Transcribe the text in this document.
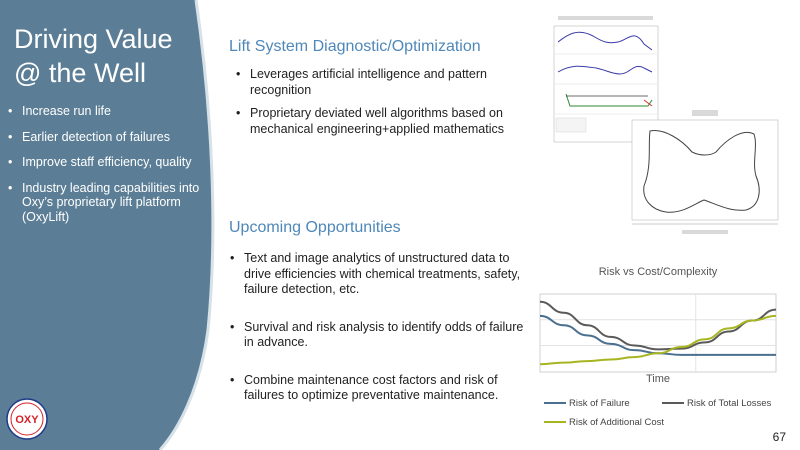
Driving Value
@ the Well
• Increase run life
• Earlier detection of failures
• Improve staff efficiency, quality
• Industry leading capabilities into Oxy’s proprietary lift platform (OxyLift)
OXY
Lift System Diagnostic/Optimization
• Leverages artificial intelligence and pattern recognition
• Proprietary deviated well algorithms based on mechanical engineering+applied mathematics
Upcoming Opportunities
• Text and image analytics of unstructured data to drive efficiencies with chemical treatments, safety, failure detection, etc.
• Survival and risk analysis to identify odds of failure in advance.
• Combine maintenance cost factors and risk of failures to optimize preventative maintenance.
Risk vs Cost/Complexity
Time
Risk of Failure	Risk of Total Losses
Risk of Additional Cost
67
